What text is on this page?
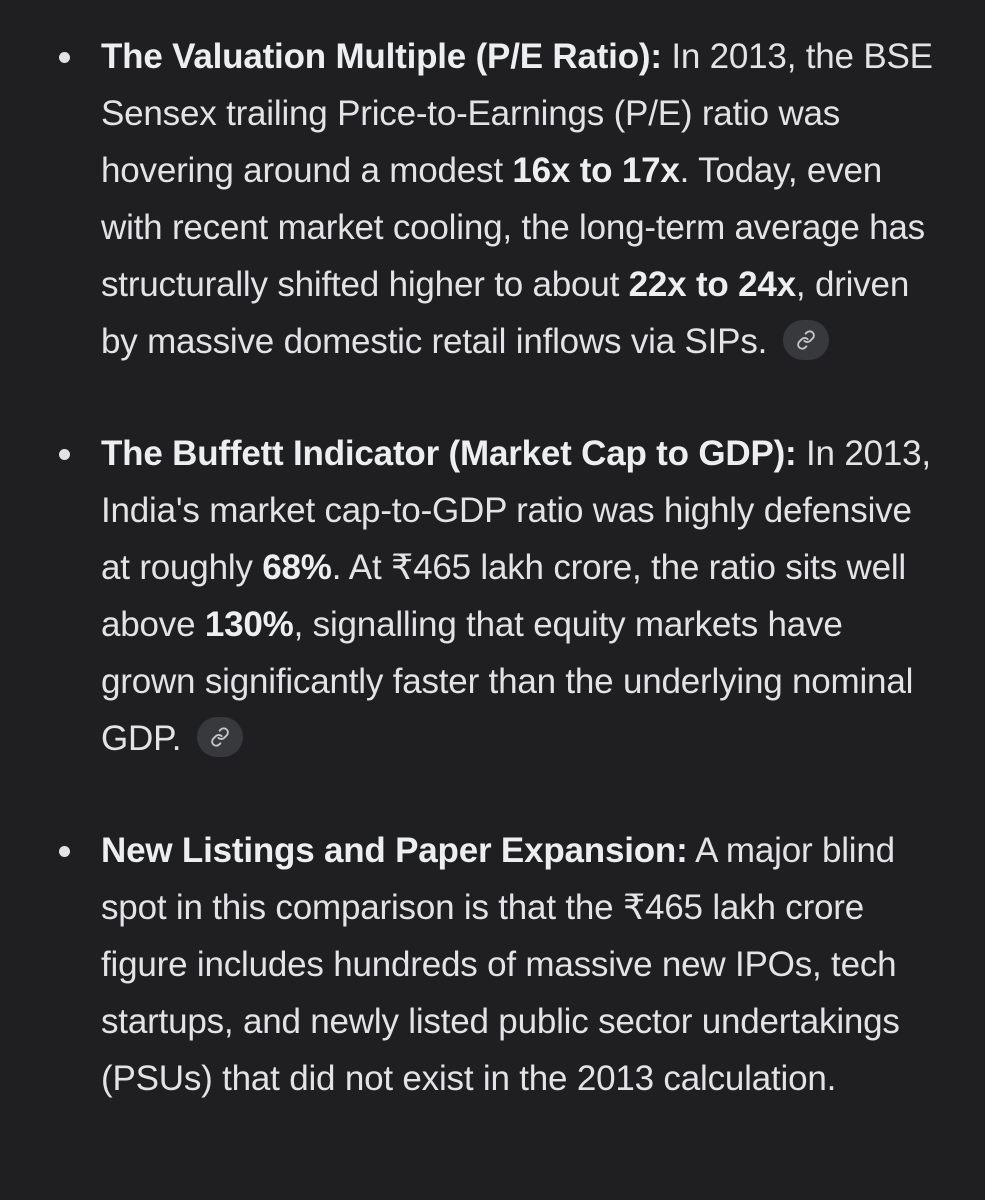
The Valuation Multiple (P/E Ratio): In 2013, the BSE Sensex trailing Price-to-Earnings (P/E) ratio was hovering around a modest 16x to 17x. Today, even with recent market cooling, the long-term average has structurally shifted higher to about 22x to 24x, driven by massive domestic retail inflows via SIPs.
The Buffett Indicator (Market Cap to GDP): In 2013, India's market cap-to-GDP ratio was highly defensive at roughly 68%. At ₹465 lakh crore, the ratio sits well above 130%, signalling that equity markets have grown significantly faster than the underlying nominal GDP.
New Listings and Paper Expansion: A major blind spot in this comparison is that the ₹465 lakh crore figure includes hundreds of massive new IPOs, tech startups, and newly listed public sector undertakings (PSUs) that did not exist in the 2013 calculation.
